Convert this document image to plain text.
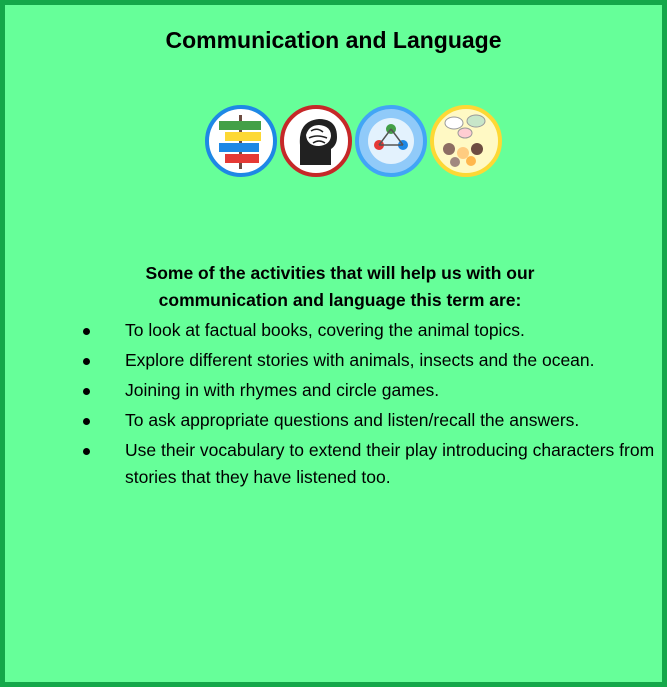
Communication and Language
Some of the activities that will help us with our
communication and language this term are:
To look at factual books, covering the animal topics.
Explore different stories with animals, insects and the ocean.
Joining in with rhymes and circle games.
To ask appropriate questions and listen/recall the answers.
Use their vocabulary to extend their play introducing characters from stories that they have listened too.
